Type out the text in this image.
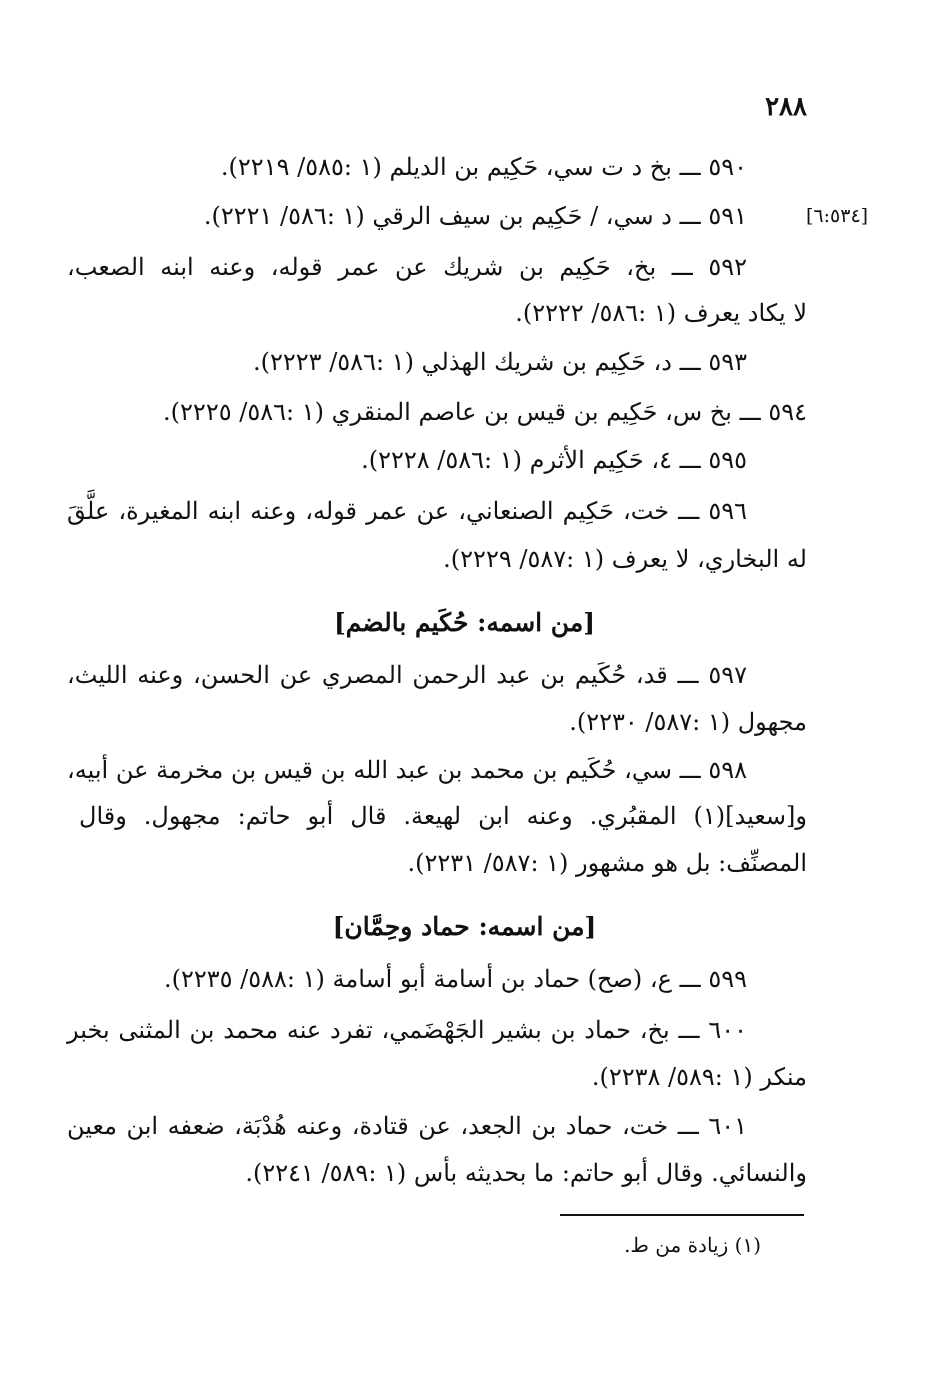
٢٨٨
[٦:٥٣٤]
٥٩٠ ـــ بخ د ت سي، حَكِيم بن الديلم (١ :٥٨٥/ ٢٢١٩).
٥٩١ ـــ د سي، / حَكِيم بن سيف الرقي (١ :٥٨٦/ ٢٢٢١).
٥٩٢ ـــ بخ، حَكِيم بن شريك عن عمر قوله، وعنه ابنه الصعب،
لا يكاد يعرف (١ :٥٨٦/ ٢٢٢٢).
٥٩٣ ـــ د، حَكِيم بن شريك الهذلي (١ :٥٨٦/ ٢٢٢٣).
٥٩٤ ـــ بخ س، حَكِيم بن قيس بن عاصم المنقري (١ :٥٨٦/ ٢٢٢٥).
٥٩٥ ـــ ٤، حَكِيم الأثرم (١ :٥٨٦/ ٢٢٢٨).
٥٩٦ ـــ خت، حَكِيم الصنعاني، عن عمر قوله، وعنه ابنه المغيرة، علَّقَ
له البخاري، لا يعرف (١ :٥٨٧/ ٢٢٢٩).
[من اسمه: حُكَيم بالضم]
٥٩٧ ـــ قد، حُكَيم بن عبد الرحمن المصري عن الحسن، وعنه الليث،
مجهول (١ :٥٨٧/ ٢٢٣٠).
٥٩٨ ـــ سي، حُكَيم بن محمد بن عبد الله بن قيس بن مخرمة عن أبيه،
و[سعيد](١) المقبُري. وعنه ابن لهيعة. قال أبو حاتم: مجهول. وقال
المصنِّف: بل هو مشهور (١ :٥٨٧/ ٢٢٣١).
[من اسمه: حماد وحِمَّان]
٥٩٩ ـــ ع، (صح) حماد بن أسامة أبو أسامة (١ :٥٨٨/ ٢٢٣٥).
٦٠٠ ـــ بخ، حماد بن بشير الجَهْضَمي، تفرد عنه محمد بن المثنى بخبر
منكر (١ :٥٨٩/ ٢٢٣٨).
٦٠١ ـــ خت، حماد بن الجعد، عن قتادة، وعنه هُدْبَة، ضعفه ابن معين
والنسائي. وقال أبو حاتم: ما بحديثه بأس (١ :٥٨٩/ ٢٢٤١).
(١) زيادة من ط.
